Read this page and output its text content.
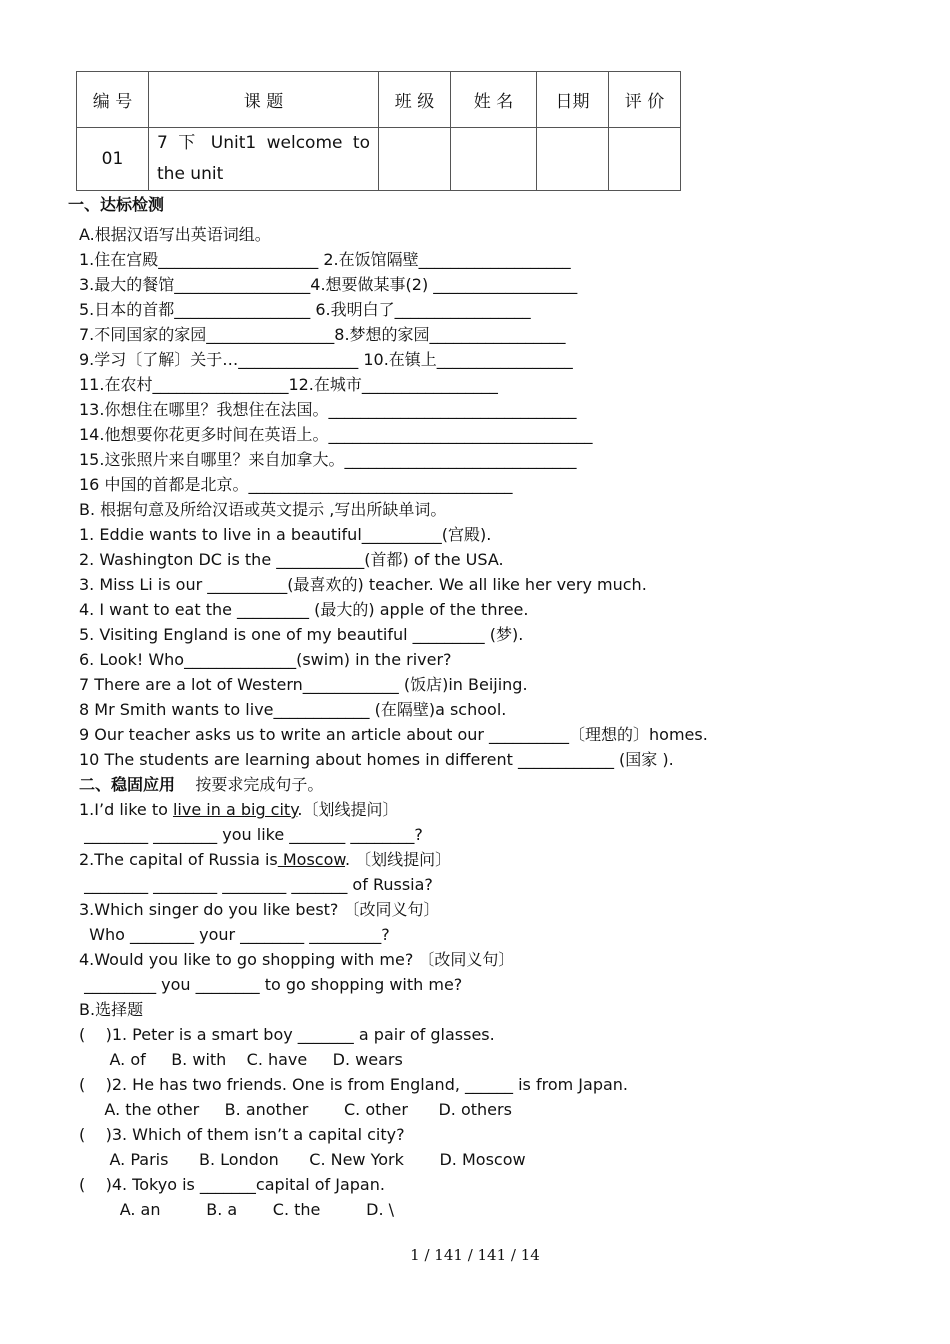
编 号	课 题	班 级	姓 名	日期	评 价
01	7 下 Unit1 welcome to the unit				

一、达标检测
A.根据汉语写出英语词组。
1.住在宫殿____________________ 2.在饭馆隔壁___________________
3.最大的餐馆_________________4.想要做某事(2) __________________
5.日本的首都_________________ 6.我明白了_________________
7.不同国家的家园________________8.梦想的家园_________________
9.学习〔了解〕关于…_______________ 10.在镇上_________________
11.在农村_________________12.在城市_________________
13.你想住在哪里？我想住在法国。_______________________________
14.他想要你花更多时间在英语上。_________________________________
15.这张照片来自哪里？来自加拿大。_____________________________
16 中国的首都是北京。_________________________________
B. 根据句意及所给汉语或英文提示 ,写出所缺单词。
1. Eddie wants to live in a beautiful__________(宫殿).
2. Washington DC is the ___________(首都) of the USA.
3. Miss Li is our __________(最喜欢的) teacher. We all like her very much.
4. I want to eat the _________ (最大的) apple of the three.
5. Visiting England is one of my beautiful _________ (梦).
6. Look! Who______________(swim) in the river?
7 There are a lot of Western____________ (饭店)in Beijing.
8 Mr Smith wants to live____________ (在隔壁)a school.
9 Our teacher asks us to write an article about our __________〔理想的〕homes.
10 The students are learning about homes in different ____________ (国家 ).
二、稳固应用 按要求完成句子。
1.I’d like to live in a big city.〔划线提问〕
________ ________ you like _______ ________?
2.The capital of Russia is Moscow. 〔划线提问〕
________ ________ ________ _______ of Russia?
3.Which singer do you like best? 〔改同义句〕
Who ________ your ________ _________?
4.Would you like to go shopping with me? 〔改同义句〕
_________ you ________ to go shopping with me?
B.选择题
(    )1. Peter is a smart boy _______ a pair of glasses.
A. of     B. with    C. have     D. wears
(    )2. He has two friends. One is from England, ______ is from Japan.
A. the other     B. another       C. other      D. others
(    )3. Which of them isn’t a capital city?
A. Paris      B. London      C. New York       D. Moscow
(    )4. Tokyo is _______capital of Japan.
A. an         B. a       C. the         D. \
1 / 141 / 141 / 14
